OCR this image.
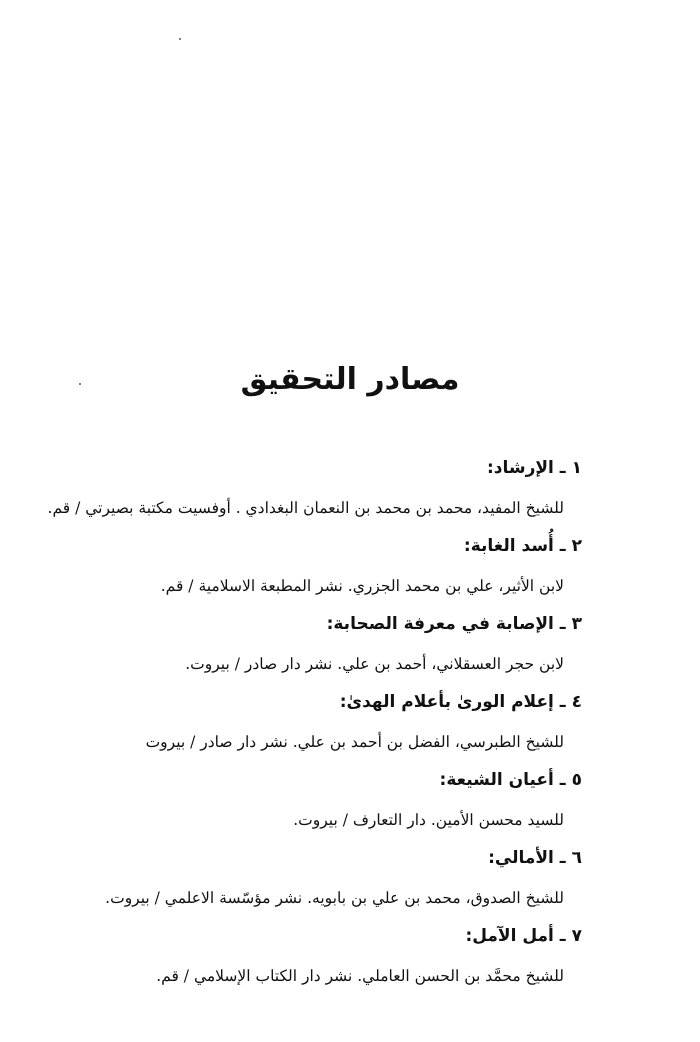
مصادر التحقيق
١ـ الإرشاد:
للشيخ المفيد، محمد بن محمد بن النعمان البغدادي . أوفسيت مكتبة بصيرتي / قم.
٢ـ أُسد الغابة:
لابن الأثير، علي بن محمد الجزري. نشر المطبعة الاسلامية / قم.
٣ـ الإصابة في معرفة الصحابة:
لابن حجر العسقلاني، أحمد بن علي. نشر دار صادر / بيروت.
٤ـ إعلام الورىٰ بأعلام الهدىٰ:
للشيخ الطبرسي، الفضل بن أحمد بن علي. نشر دار صادر / بيروت
٥ـ أعيان الشيعة:
للسيد محسن الأمين. دار التعارف / بيروت.
٦ـ الأمالي:
للشيخ الصدوق، محمد بن علي بن بابويه. نشر مؤسّسة الاعلمي / بيروت.
٧ـ أمل الآمل:
للشيخ محمَّد بن الحسن العاملي. نشر دار الكتاب الإسلامي / قم.
